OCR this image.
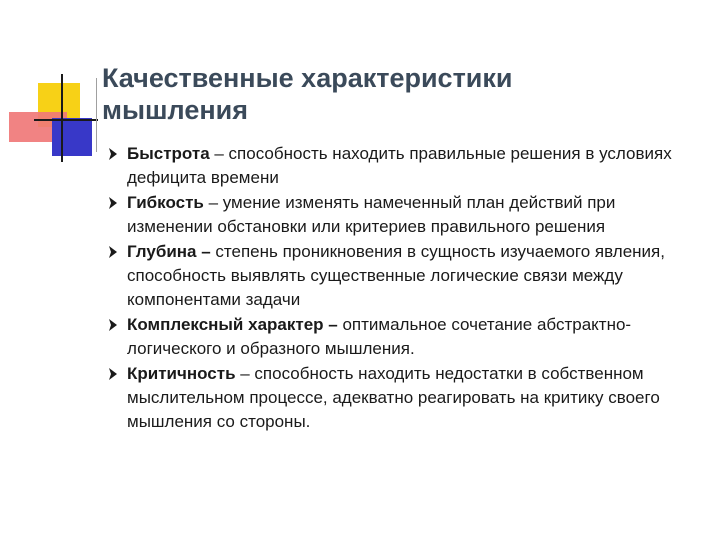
Качественные характеристики мышления
Быстрота – способность находить правильные решения в условиях дефицита времени
Гибкость – умение изменять намеченный план действий при изменении обстановки или критериев правильного решения
Глубина – степень проникновения в сущность изучаемого явления, способность выявлять существенные логические связи между компонентами задачи
Комплексный характер – оптимальное сочетание абстрактно-логического и образного мышления.
Критичность – способность находить недостатки в собственном мыслительном процессе, адекватно реагировать на критику своего мышления со стороны.
